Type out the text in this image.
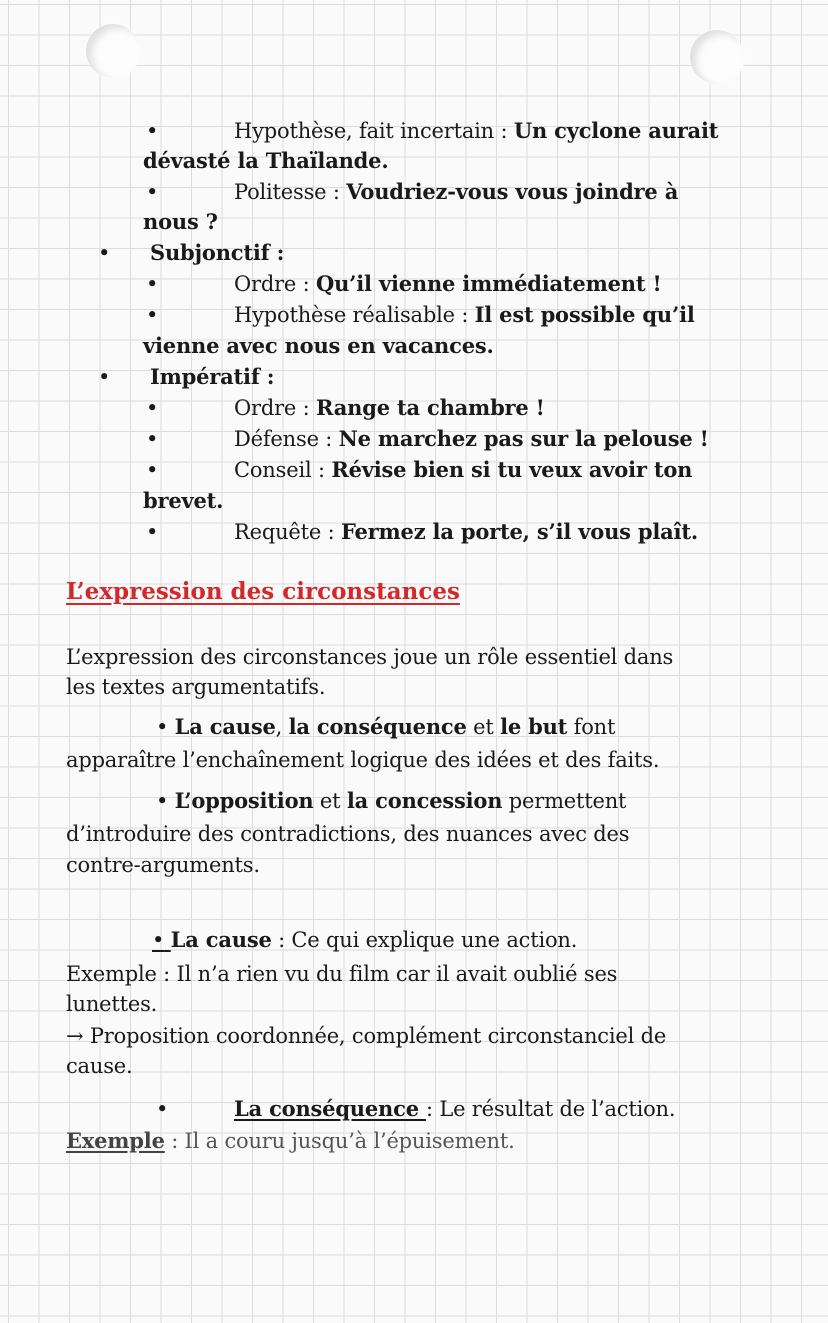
•	Hypothèse, fait incertain : Un cyclone aurait
dévasté la Thaïlande.
•	Politesse : Voudriez-vous vous joindre à
nous ?
• Subjonctif :
•	Ordre : Qu’il vienne immédiatement !
•	Hypothèse réalisable : Il est possible qu’il
vienne avec nous en vacances.
• Impératif :
•	Ordre : Range ta chambre !
•	Défense : Ne marchez pas sur la pelouse !
•	Conseil : Révise bien si tu veux avoir ton
brevet.
•	Requête : Fermez la porte, s’il vous plaît.
L’expression des circonstances
L’expression des circonstances joue un rôle essentiel dans
les textes argumentatifs.
• La cause, la conséquence et le but font
apparaître l’enchaînement logique des idées et des faits.
• L’opposition et la concession permettent
d’introduire des contradictions, des nuances avec des
contre-arguments.
• La cause : Ce qui explique une action.
Exemple : Il n’a rien vu du film car il avait oublié ses
lunettes.
→ Proposition coordonnée, complément circonstanciel de
cause.
•	La conséquence : Le résultat de l’action.
Exemple : Il a couru jusqu’à l’épuisement.
